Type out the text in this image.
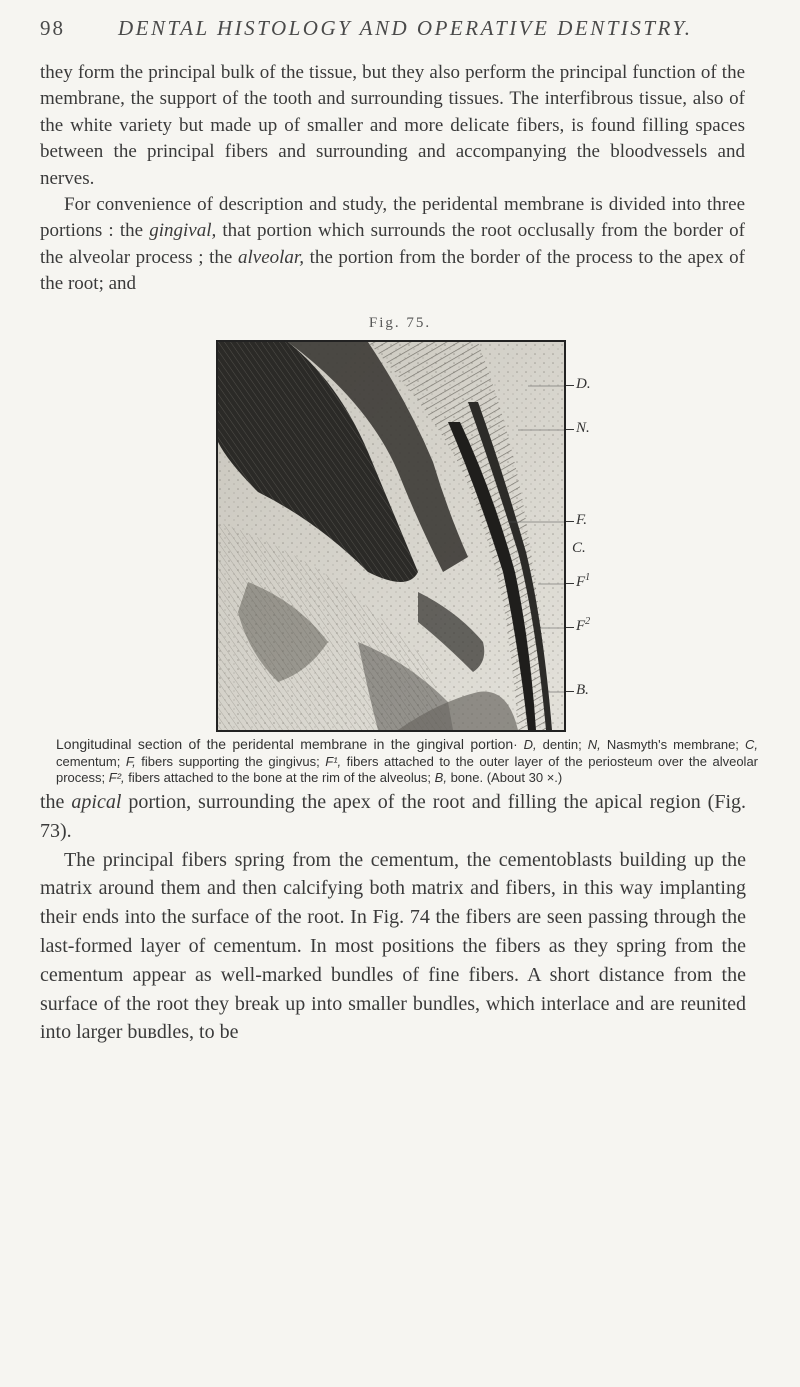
98	DENTAL HISTOLOGY AND OPERATIVE DENTISTRY.

they form the principal bulk of the tissue, but they also perform the principal function of the membrane, the support of the tooth and surrounding tissues. The interfibrous tissue, also of the white variety but made up of smaller and more delicate fibers, is found filling spaces between the principal fibers and surrounding and accompanying the bloodvessels and nerves.

For convenience of description and study, the peridental membrane is divided into three portions : the gingival, that portion which surrounds the root occlusally from the border of the alveolar process ; the alveolar, the portion from the border of the process to the apex of the root; and

Fig. 75.
D.
N.
F.
C.
$F^1$
$F^2$
B.
Longitudinal section of the peridental membrane in the gingival portion· D, dentin; N, Nasmyth's membrane; C, cementum; F, fibers supporting the gingivus; F¹, fibers attached to the outer layer of the periosteum over the alveolar process; F², fibers attached to the bone at the rim of the alveolus; B, bone. (About 30 ×.)

the apical portion, surrounding the apex of the root and filling the apical region (Fig. 73).

The principal fibers spring from the cementum, the cementoblasts building up the matrix around them and then calcifying both matrix and fibers, in this way implanting their ends into the surface of the root. In Fig. 74 the fibers are seen passing through the last-formed layer of cementum. In most positions the fibers as they spring from the cementum appear as well-marked bundles of fine fibers. A short distance from the surface of the root they break up into smaller bundles, which interlace and are reunited into larger buвdles, to be
